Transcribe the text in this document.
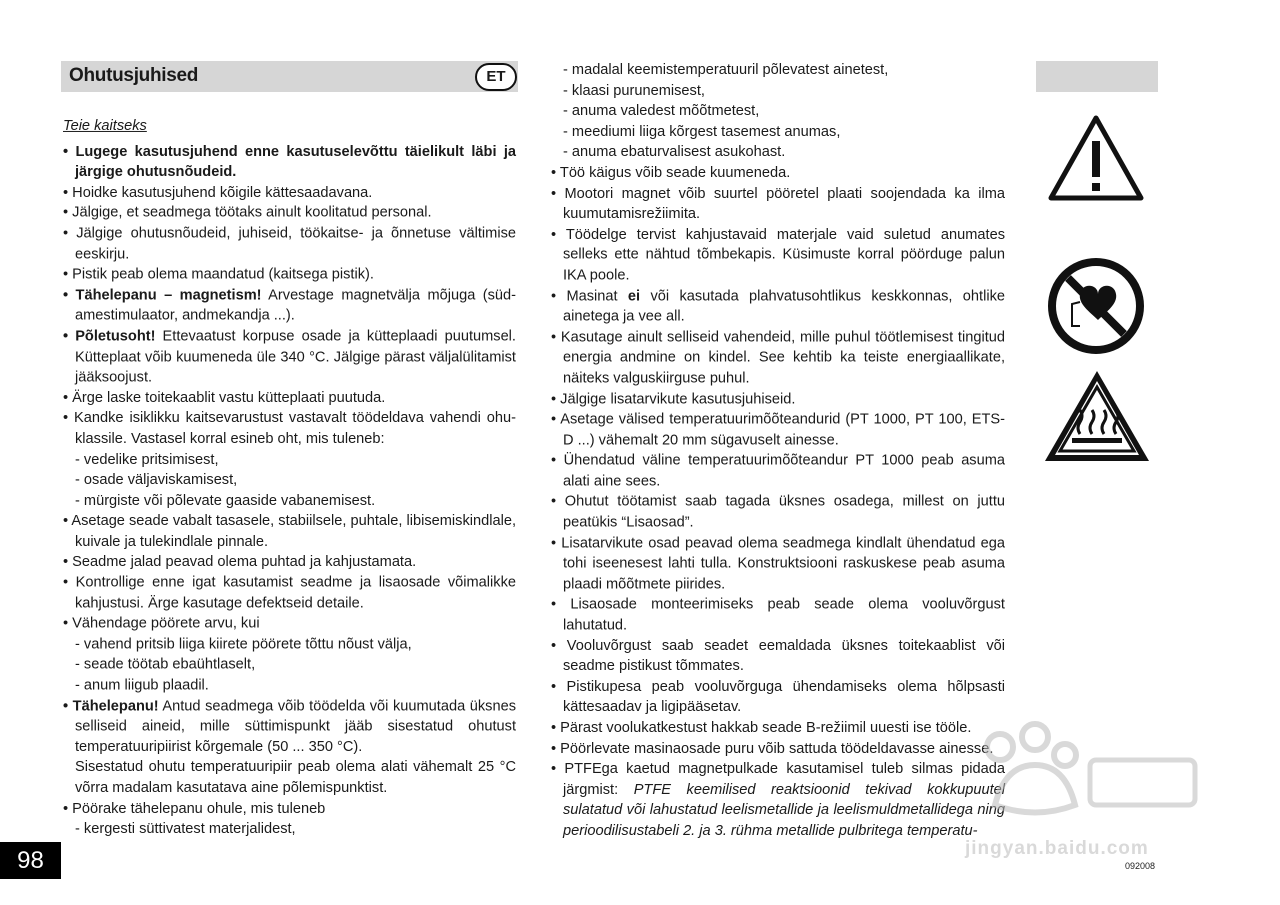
Ohutusjuhised	ET

Teie kaitseks

• Lugege kasutusjuhend enne kasutuselevõttu täielikult läbi ja järgige ohutusnõudeid.

• Hoidke kasutusjuhend kõigile kättesaadavana.

• Jälgige, et seadmega töötaks ainult koolitatud personal.

• Jälgige ohutusnõudeid, juhiseid, töökaitse- ja õnnetuse vältimise eeskirju.

• Pistik peab olema maandatud (kaitsega pistik).

• Tähelepanu – magnetism! Arvestage magnetvälja mõjuga (süd-amestimulaator, andmekandja ...).

• Põletusoht! Ettevaatust korpuse osade ja kütteplaadi puutumsel. Kütteplaat võib kuumeneda üle 340 °C. Jälgige pärast väljalülitamist jääksoojust.

• Ärge laske toitekaablit vastu kütteplaati puutuda.

• Kandke isiklikku kaitsevarustust vastavalt töödeldava vahendi ohu-klassile. Vastasel korral esineb oht, mis tuleneb:

- vedelike pritsimisest,

- osade väljaviskamisest,

- mürgiste või põlevate gaaside vabanemisest.

• Asetage seade vabalt tasasele, stabiilsele, puhtale, libisemiskindlale, kuivale ja tulekindlale pinnale.

• Seadme jalad peavad olema puhtad ja kahjustamata.

• Kontrollige enne igat kasutamist seadme ja lisaosade võimalikke kahjustusi. Ärge kasutage defektseid detaile.

• Vähendage pöörete arvu, kui

- vahend pritsib liiga kiirete pöörete tõttu nõust välja,

- seade töötab ebaühtlaselt,

- anum liigub plaadil.

• Tähelepanu! Antud seadmega võib töödelda või kuumutada üksnes selliseid aineid, mille süttimispunkt jääb sisestatud ohutust temperatuuripiirist kõrgemale (50 ... 350 °C).

Sisestatud ohutu temperatuuripiir peab olema alati vähemalt 25 °C võrra madalam kasutatava aine põlemispunktist.

• Pöörake tähelepanu ohule, mis tuleneb

- kergesti süttivatest materjalidest,

- madalal keemistemperatuuril põlevatest ainetest,

- klaasi purunemisest,

- anuma valedest mõõtmetest,

- meediumi liiga kõrgest tasemest anumas,

- anuma ebaturvalisest asukohast.

• Töö käigus võib seade kuumeneda.

• Mootori magnet võib suurtel pööretel plaati soojendada ka ilma kuumutamisrežiimita.

• Töödelge tervist kahjustavaid materjale vaid suletud anumates selleks ette nähtud tõmbekapis. Küsimuste korral pöörduge palun IKA poole.

• Masinat ei või kasutada plahvatusohtlikus keskkonnas, ohtlike ainetega ja vee all.

• Kasutage ainult selliseid vahendeid, mille puhul töötlemisest tingitud energia andmine on kindel. See kehtib ka teiste energiaallikate, näiteks valguskiirguse puhul.

• Jälgige lisatarvikute kasutusjuhiseid.

• Asetage välised temperatuurimõõteandurid (PT 1000, PT 100, ETS-D ...) vähemalt 20 mm sügavuselt ainesse.

• Ühendatud väline temperatuurimõõteandur PT 1000 peab asuma alati aine sees.

• Ohutut töötamist saab tagada üksnes osadega, millest on juttu peatükis “Lisaosad”.

• Lisatarvikute osad peavad olema seadmega kindlalt ühendatud ega tohi iseenesest lahti tulla. Konstruktsiooni raskuskese peab asuma plaadi mõõtmete piirides.

• Lisaosade monteerimiseks peab seade olema vooluvõrgust lahutatud.

• Vooluvõrgust saab seadet eemaldada üksnes toitekaablist või seadme pistikust tõmmates.

• Pistikupesa peab vooluvõrguga ühendamiseks olema hõlpsasti kättesaadav ja ligipääsetav.

• Pärast voolukatkestust hakkab seade B-režiimil uuesti ise tööle.

• Pöörlevate masinaosade puru võib sattuda töödeldavasse ainesse.

• PTFEga kaetud magnetpulkade kasutamisel tuleb silmas pidada järgmist: PTFE keemilised reaktsioonid tekivad kokkupuutel sulatatud või lahustatud leelismetallide ja leelismuldmetallidega ning perioodilisustabeli 2. ja 3. rühma metallide pulbritega temperatu-

jingyan.baidu.com
98	092008
